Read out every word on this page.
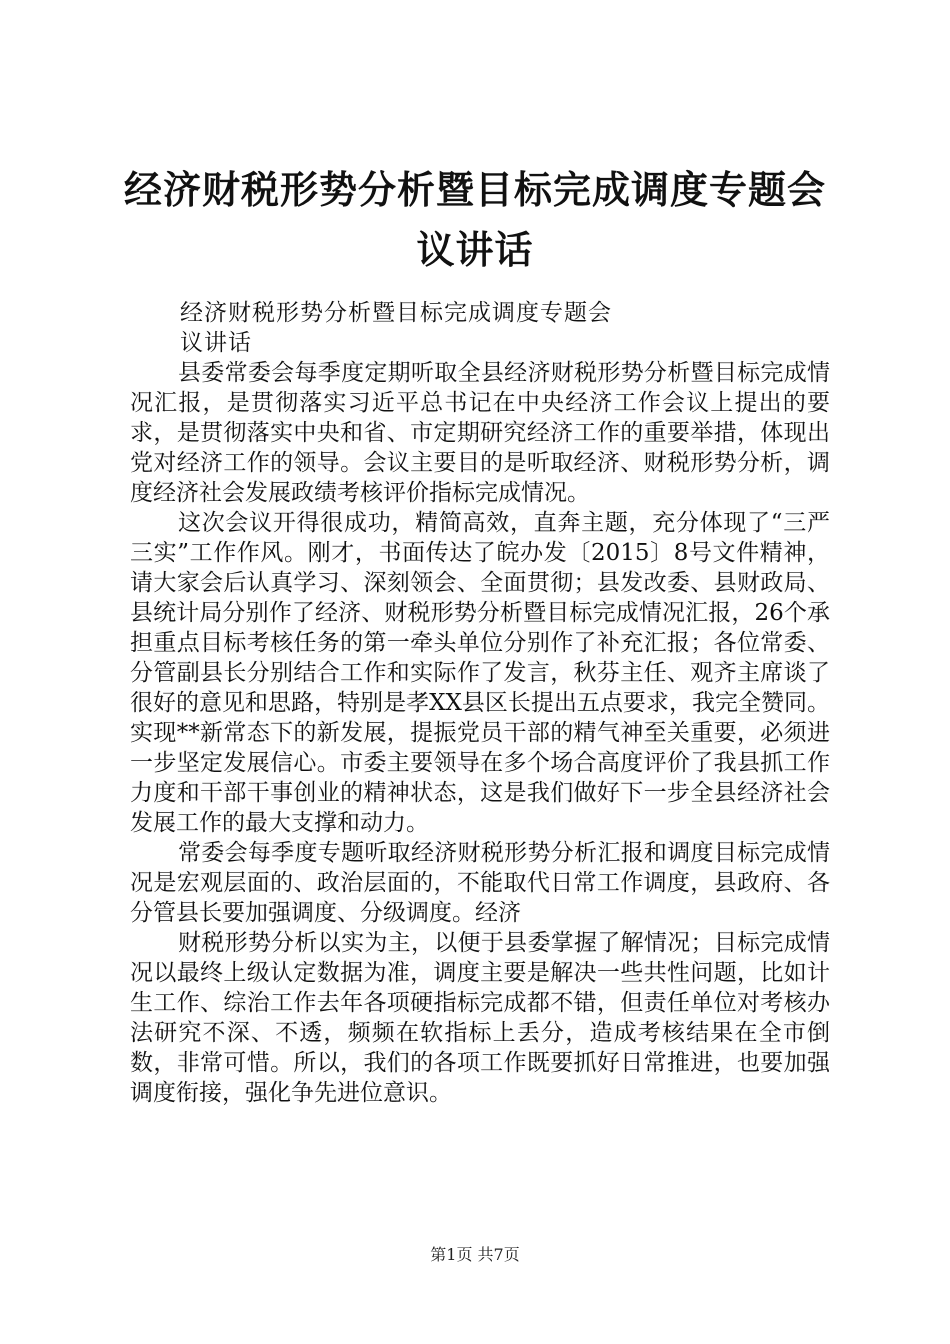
经济财税形势分析暨目标完成调度专题会议讲话

经济财税形势分析暨目标完成调度专题会

议讲话

县委常委会每季度定期听取全县经济财税形势分析暨目标完成情况汇报，是贯彻落实习近平总书记在中央经济工作会议上提出的要求，是贯彻落实中央和省、市定期研究经济工作的重要举措，体现出党对经济工作的领导。会议主要目的是听取经济、财税形势分析，调度经济社会发展政绩考核评价指标完成情况。

这次会议开得很成功，精简高效，直奔主题，充分体现了“三严三实”工作作风。刚才，书面传达了皖办发〔2015〕8号文件精神，请大家会后认真学习、深刻领会、全面贯彻；县发改委、县财政局、县统计局分别作了经济、财税形势分析暨目标完成情况汇报，26个承担重点目标考核任务的第一牵头单位分别作了补充汇报；各位常委、分管副县长分别结合工作和实际作了发言，秋芬主任、观齐主席谈了很好的意见和思路，特别是孝XX县区长提出五点要求，我完全赞同。实现**新常态下的新发展，提振党员干部的精气神至关重要，必须进一步坚定发展信心。市委主要领导在多个场合高度评价了我县抓工作力度和干部干事创业的精神状态，这是我们做好下一步全县经济社会发展工作的最大支撑和动力。

常委会每季度专题听取经济财税形势分析汇报和调度目标完成情况是宏观层面的、政治层面的，不能取代日常工作调度，县政府、各分管县长要加强调度、分级调度。经济

财税形势分析以实为主，以便于县委掌握了解情况；目标完成情况以最终上级认定数据为准，调度主要是解决一些共性问题，比如计生工作、综治工作去年各项硬指标完成都不错，但责任单位对考核办法研究不深、不透，频频在软指标上丢分，造成考核结果在全市倒数，非常可惜。所以，我们的各项工作既要抓好日常推进，也要加强调度衔接，强化争先进位意识。

第1页 共7页
